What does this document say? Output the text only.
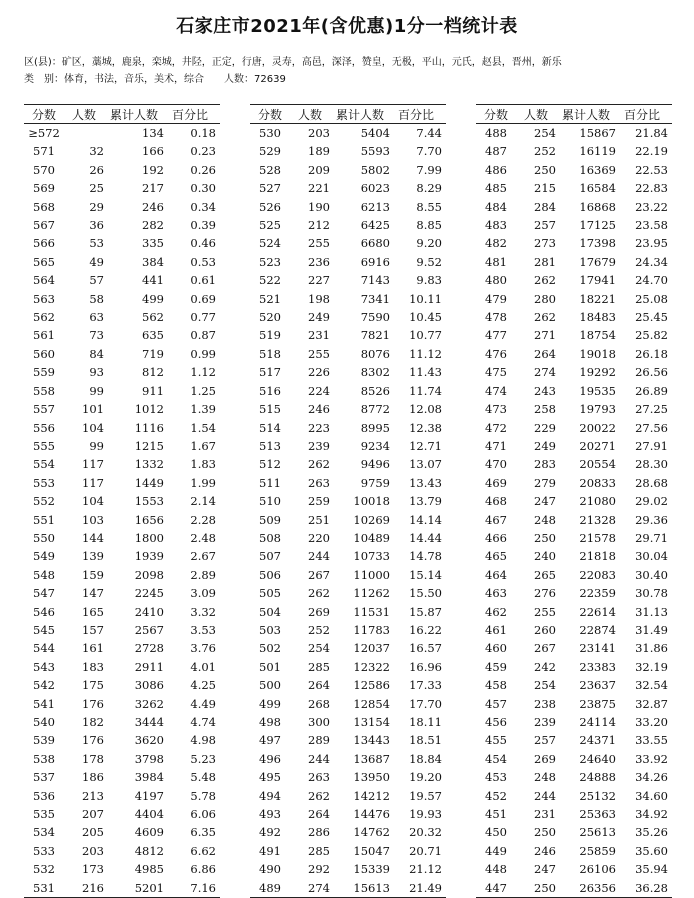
石家庄市2021年(含优惠)1分一档统计表
区(县)：矿区，藁城，鹿泉，栾城，井陉，正定，行唐，灵寿，高邑，深泽，赞皇，无极，平山，元氏，赵县，晋州，新乐
类　别：体育，书法，音乐，美术，综合 人数：72639
分数	人数	累计人数	百分比
≥572		134	0.18
571	32	166	0.23
570	26	192	0.26
569	25	217	0.30
568	29	246	0.34
567	36	282	0.39
566	53	335	0.46
565	49	384	0.53
564	57	441	0.61
563	58	499	0.69
562	63	562	0.77
561	73	635	0.87
560	84	719	0.99
559	93	812	1.12
558	99	911	1.25
557	101	1012	1.39
556	104	1116	1.54
555	99	1215	1.67
554	117	1332	1.83
553	117	1449	1.99
552	104	1553	2.14
551	103	1656	2.28
550	144	1800	2.48
549	139	1939	2.67
548	159	2098	2.89
547	147	2245	3.09
546	165	2410	3.32
545	157	2567	3.53
544	161	2728	3.76
543	183	2911	4.01
542	175	3086	4.25
541	176	3262	4.49
540	182	3444	4.74
539	176	3620	4.98
538	178	3798	5.23
537	186	3984	5.48
536	213	4197	5.78
535	207	4404	6.06
534	205	4609	6.35
533	203	4812	6.62
532	173	4985	6.86
531	216	5201	7.16
分数	人数	累计人数	百分比
530	203	5404	7.44
529	189	5593	7.70
528	209	5802	7.99
527	221	6023	8.29
526	190	6213	8.55
525	212	6425	8.85
524	255	6680	9.20
523	236	6916	9.52
522	227	7143	9.83
521	198	7341	10.11
520	249	7590	10.45
519	231	7821	10.77
518	255	8076	11.12
517	226	8302	11.43
516	224	8526	11.74
515	246	8772	12.08
514	223	8995	12.38
513	239	9234	12.71
512	262	9496	13.07
511	263	9759	13.43
510	259	10018	13.79
509	251	10269	14.14
508	220	10489	14.44
507	244	10733	14.78
506	267	11000	15.14
505	262	11262	15.50
504	269	11531	15.87
503	252	11783	16.22
502	254	12037	16.57
501	285	12322	16.96
500	264	12586	17.33
499	268	12854	17.70
498	300	13154	18.11
497	289	13443	18.51
496	244	13687	18.84
495	263	13950	19.20
494	262	14212	19.57
493	264	14476	19.93
492	286	14762	20.32
491	285	15047	20.71
490	292	15339	21.12
489	274	15613	21.49
分数	人数	累计人数	百分比
488	254	15867	21.84
487	252	16119	22.19
486	250	16369	22.53
485	215	16584	22.83
484	284	16868	23.22
483	257	17125	23.58
482	273	17398	23.95
481	281	17679	24.34
480	262	17941	24.70
479	280	18221	25.08
478	262	18483	25.45
477	271	18754	25.82
476	264	19018	26.18
475	274	19292	26.56
474	243	19535	26.89
473	258	19793	27.25
472	229	20022	27.56
471	249	20271	27.91
470	283	20554	28.30
469	279	20833	28.68
468	247	21080	29.02
467	248	21328	29.36
466	250	21578	29.71
465	240	21818	30.04
464	265	22083	30.40
463	276	22359	30.78
462	255	22614	31.13
461	260	22874	31.49
460	267	23141	31.86
459	242	23383	32.19
458	254	23637	32.54
457	238	23875	32.87
456	239	24114	33.20
455	257	24371	33.55
454	269	24640	33.92
453	248	24888	34.26
452	244	25132	34.60
451	231	25363	34.92
450	250	25613	35.26
449	246	25859	35.60
448	247	26106	35.94
447	250	26356	36.28
